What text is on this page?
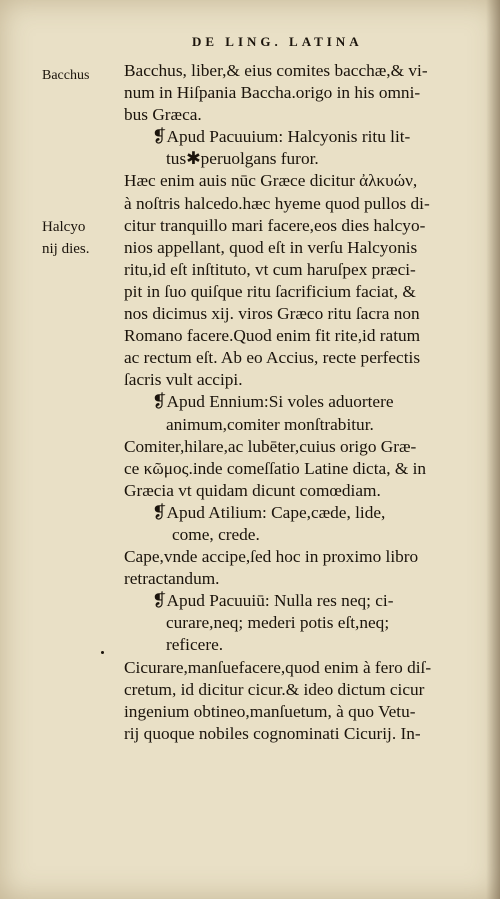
DE LING. LATINA
Bacchus
Halcyo
nij dies.
Bacchus, liber,& eius comites bacchæ,& vi-
num in Hiſpania Baccha.origo in his omni-
bus Græca.
❡Apud Pacuuium: Halcyonis ritu lit-
tus✱peruolgans furor.
Hæc enim auis nūc Græce dicitur ἀλκυών,
à noſtris halcedo.hæc hyeme quod pullos di-
citur tranquillo mari facere,eos dies halcyo-
nios appellant, quod eſt in verſu Halcyonis
ritu,id eſt inſtituto, vt cum haruſpex præci-
pit in ſuo quiſque ritu ſacrificium faciat, &
nos dicimus xij. viros Græco ritu ſacra non
Romano facere.Quod enim fit rite,id ratum
ac rectum eſt. Ab eo Accius, recte perfectis
ſacris vult accipi.
❡Apud Ennium:Si voles aduortere
animum,comiter monſtrabitur.
Comiter,hilare,ac lubēter,cuius origo Græ-
ce κῶμος.inde comeſſatio Latine dicta, & in
Græcia vt quidam dicunt comœdiam.
❡Apud Atilium: Cape,cæde, lide,
come, crede.
Cape,vnde accipe,ſed hoc in proximo libro
retractandum.
❡Apud Pacuuiū: Nulla res neq; ci-
curare,neq; mederi potis eſt,neq;
reficere.
Cicurare,manſuefacere,quod enim à fero diſ-
cretum, id dicitur cicur.& ideo dictum cicur
ingenium obtineo,manſuetum, à quo Vetu-
rij quoque nobiles cognominati Cicurij. In-
